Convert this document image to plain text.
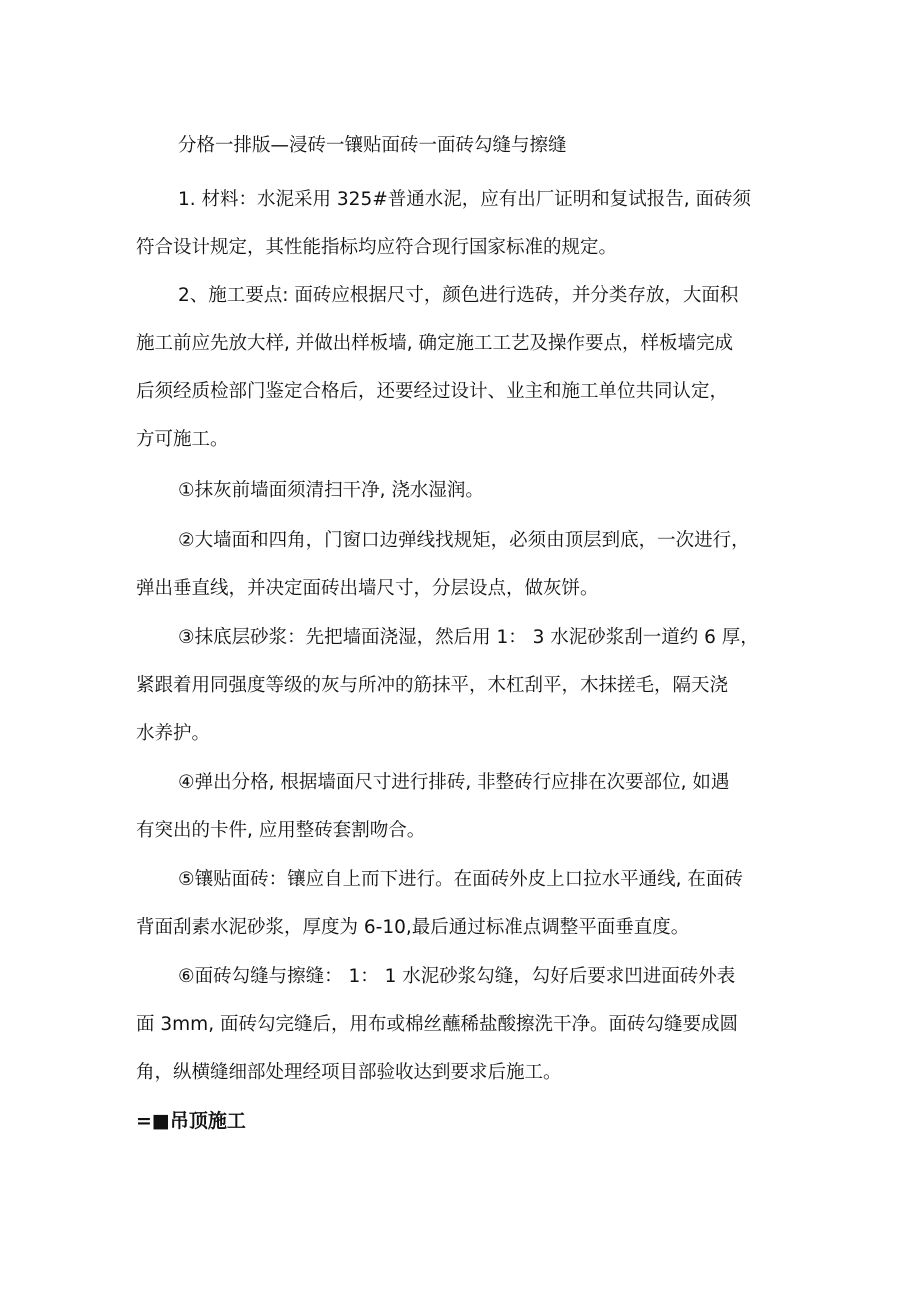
分格一排版—浸砖一镶贴面砖一面砖勾缝与擦缝
1. 材料：水泥采用 325#普通水泥，应有出厂证明和复试报告, 面砖须
符合设计规定，其性能指标均应符合现行国家标准的规定。
2、施工要点: 面砖应根据尺寸，颜色进行选砖，并分类存放，大面积
施工前应先放大样, 并做出样板墙, 确定施工工艺及操作要点，样板墙完成
后须经质检部门鉴定合格后，还要经过设计、业主和施工单位共同认定，
方可施工。
①抹灰前墙面须清扫干净, 浇水湿润。
②大墙面和四角，门窗口边弹线找规矩，必须由顶层到底，一次进行，
弹出垂直线，并决定面砖出墙尺寸，分层设点，做灰饼。
③抹底层砂浆：先把墙面浇湿，然后用 1： 3 水泥砂浆刮一道约 6 厚，
紧跟着用同强度等级的灰与所冲的筋抹平，木杠刮平，木抹搓毛，隔天浇
水养护。
④弹出分格, 根据墙面尺寸进行排砖, 非整砖行应排在次要部位, 如遇
有突出的卡件, 应用整砖套割吻合。
⑤镶贴面砖：镶应自上而下进行。在面砖外皮上口拉水平通线, 在面砖
背面刮素水泥砂浆，厚度为 6-10,最后通过标准点调整平面垂直度。
⑥面砖勾缝与擦缝： 1： 1 水泥砂浆勾缝，勾好后要求凹进面砖外表
面 3mm, 面砖勾完缝后，用布或棉丝蘸稀盐酸擦洗干净。面砖勾缝要成圆
角，纵横缝细部处理经项目部验收达到要求后施工。
=■吊顶施工
